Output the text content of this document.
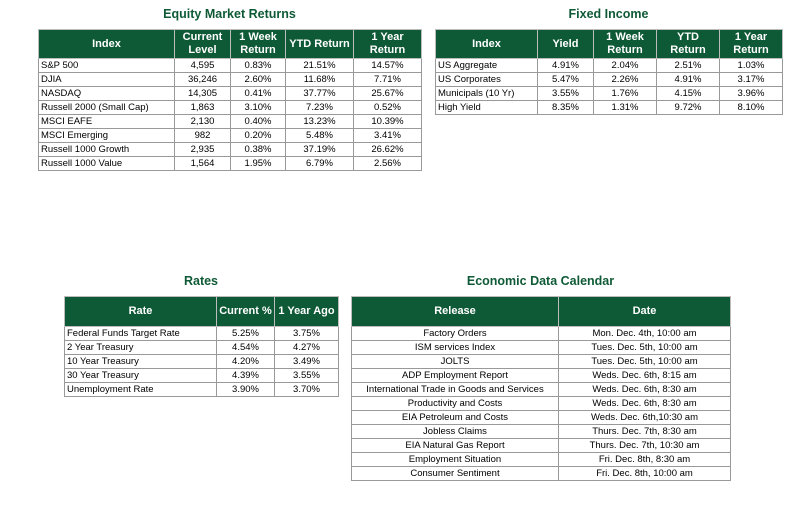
Equity Market Returns
Index	Current Level	1 Week Return	YTD Return	1 Year Return
S&P 500	4,595	0.83%	21.51%	14.57%
DJIA	36,246	2.60%	11.68%	7.71%
NASDAQ	14,305	0.41%	37.77%	25.67%
Russell 2000 (Small Cap)	1,863	3.10%	7.23%	0.52%
MSCI EAFE	2,130	0.40%	13.23%	10.39%
MSCI Emerging	982	0.20%	5.48%	3.41%
Russell 1000 Growth	2,935	0.38%	37.19%	26.62%
Russell 1000 Value	1,564	1.95%	6.79%	2.56%
Fixed Income
Index	Yield	1 Week Return	YTD Return	1 Year Return
US Aggregate	4.91%	2.04%	2.51%	1.03%
US Corporates	5.47%	2.26%	4.91%	3.17%
Municipals (10 Yr)	3.55%	1.76%	4.15%	3.96%
High Yield	8.35%	1.31%	9.72%	8.10%
Rates
Rate	Current %	1 Year Ago
Federal Funds Target Rate	5.25%	3.75%
2 Year Treasury	4.54%	4.27%
10 Year Treasury	4.20%	3.49%
30 Year Treasury	4.39%	3.55%
Unemployment Rate	3.90%	3.70%
Economic Data Calendar
Release	Date
Factory Orders	Mon. Dec. 4th, 10:00 am
ISM services Index	Tues. Dec. 5th, 10:00 am
JOLTS	Tues. Dec. 5th, 10:00 am
ADP Employment Report	Weds. Dec. 6th, 8:15 am
International Trade in Goods and Services	Weds. Dec. 6th, 8:30 am
Productivity and Costs	Weds. Dec. 6th, 8:30 am
EIA Petroleum and Costs	Weds. Dec. 6th,10:30 am
Jobless Claims	Thurs. Dec. 7th, 8:30 am
EIA Natural Gas Report	Thurs. Dec. 7th, 10:30 am
Employment Situation	Fri. Dec. 8th, 8:30 am
Consumer Sentiment	Fri. Dec. 8th, 10:00 am
